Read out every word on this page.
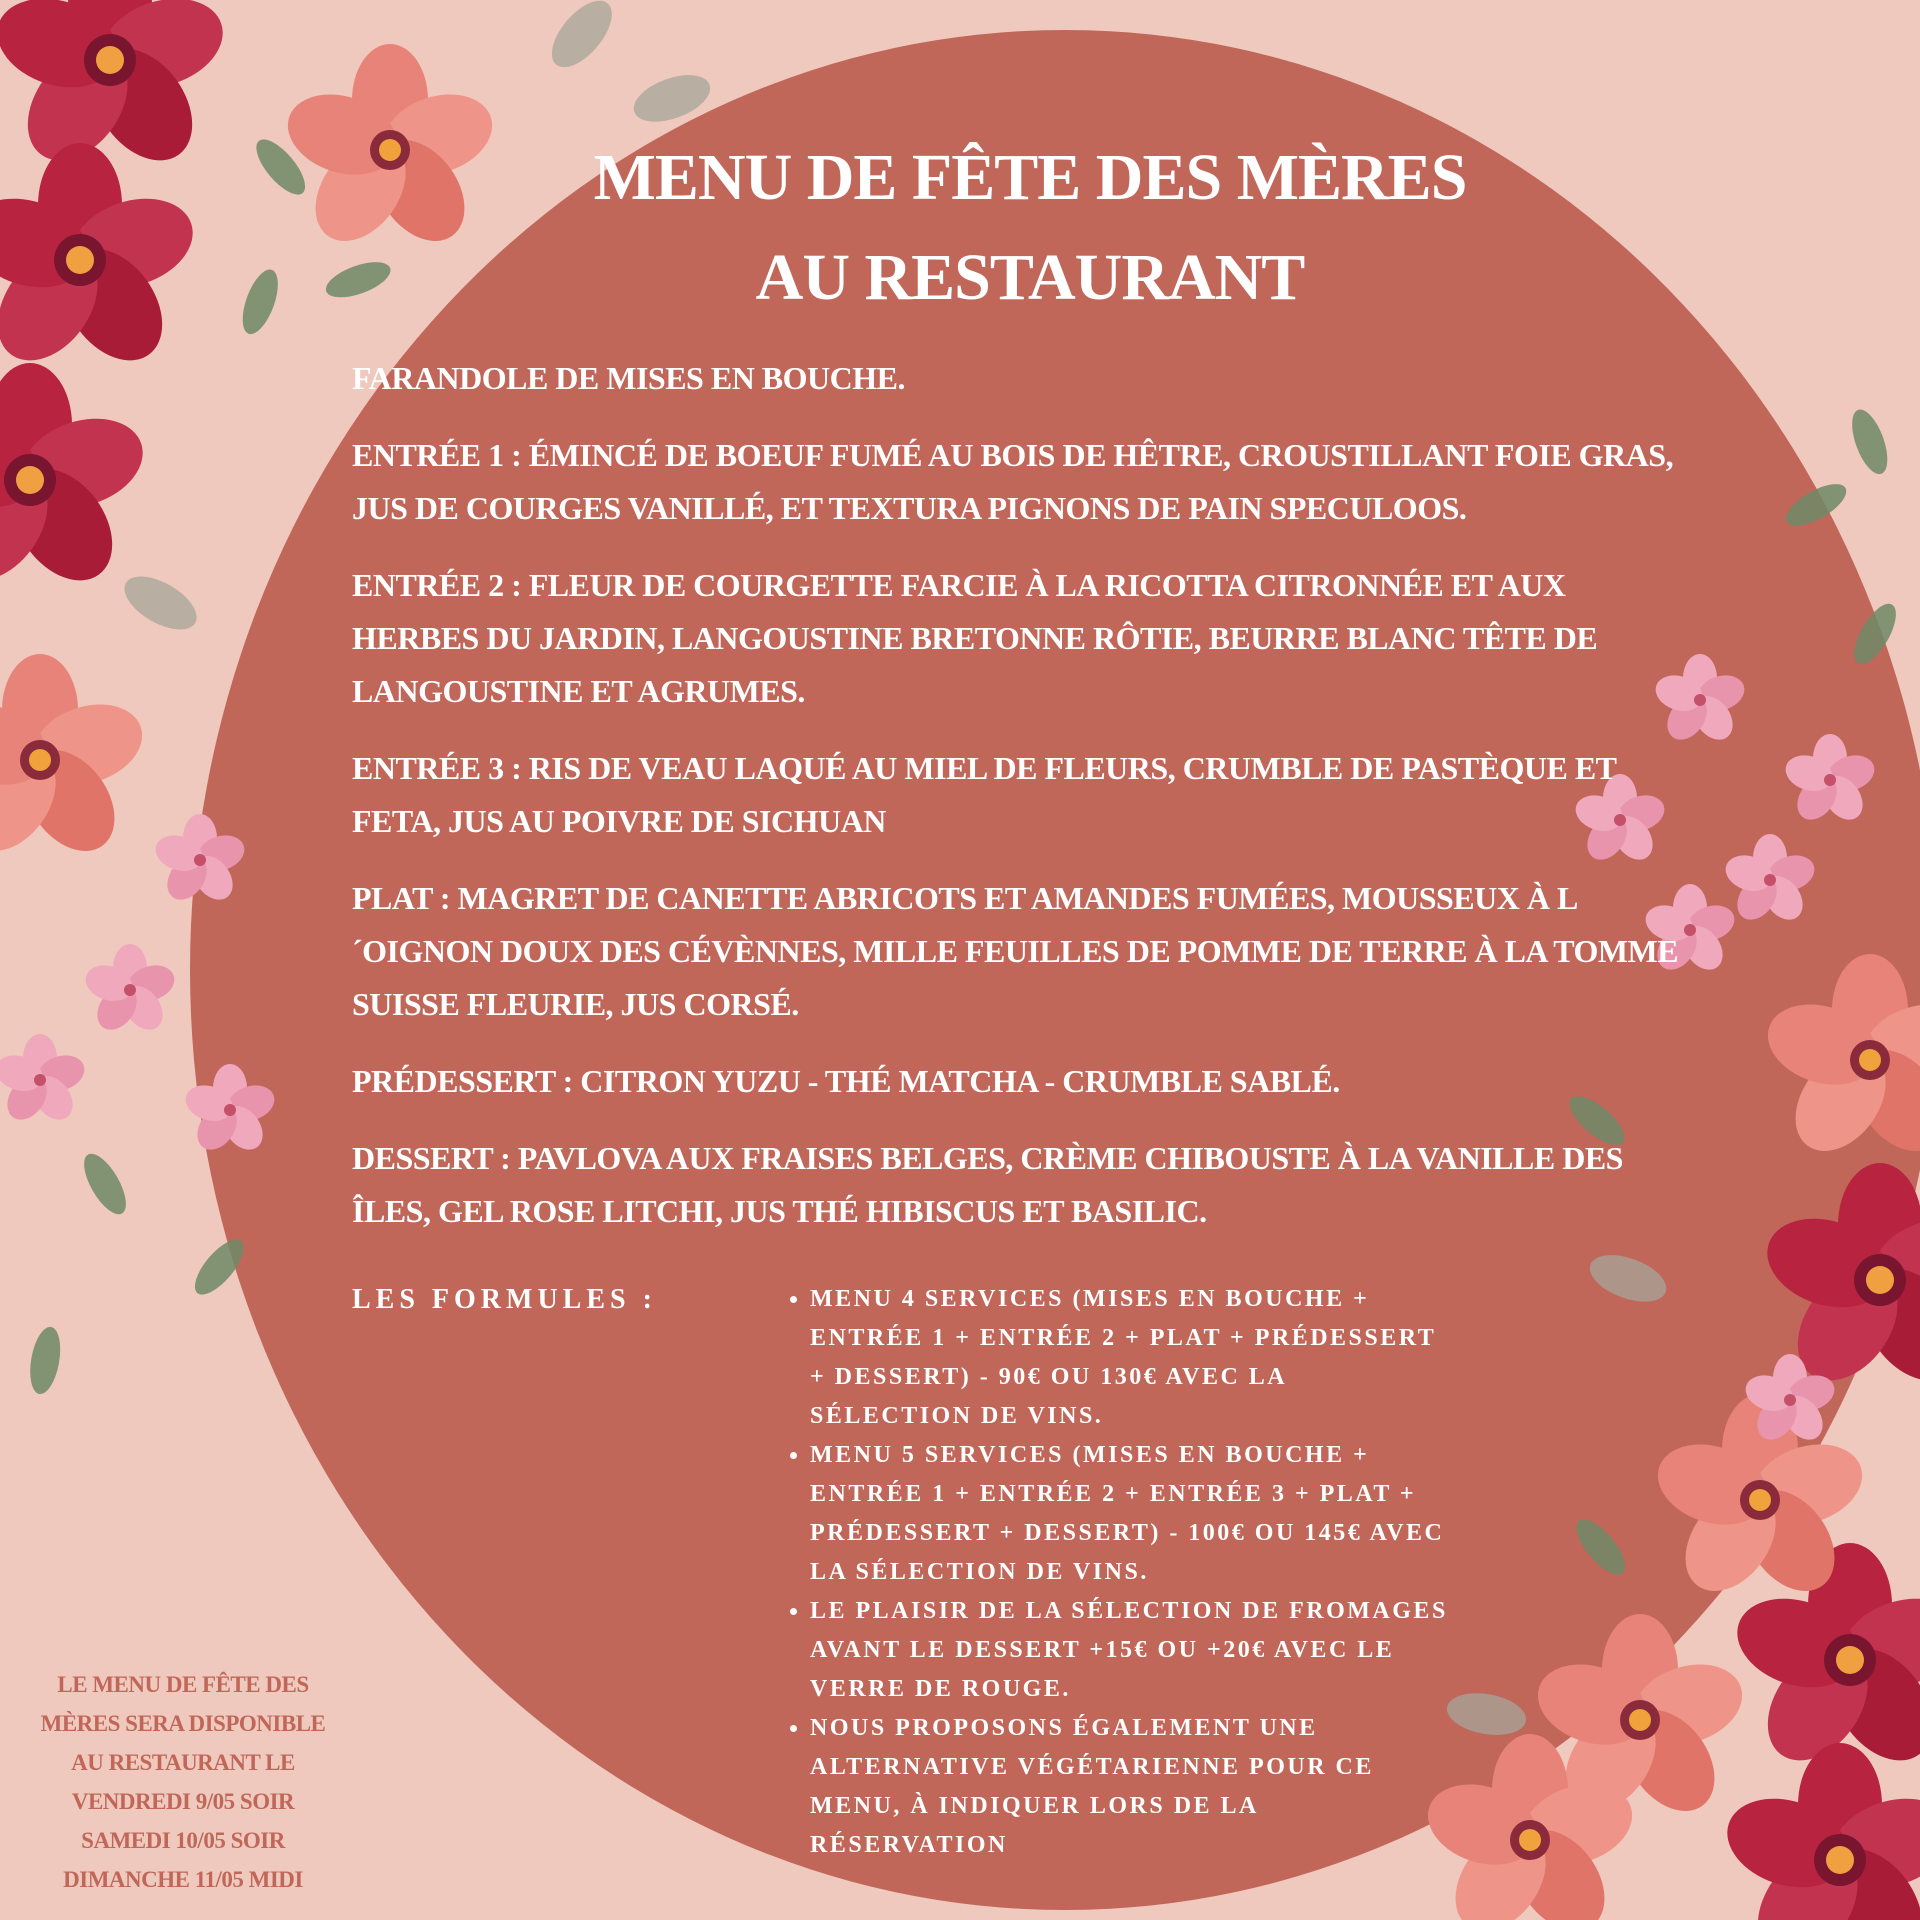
MENU DE FÊTE DES MÈRES
AU RESTAURANT

FARANDOLE DE MISES EN BOUCHE.

ENTRÉE 1 : ÉMINCÉ DE BOEUF FUMÉ AU BOIS DE HÊTRE, CROUSTILLANT FOIE GRAS, JUS DE COURGES VANILLÉ, ET TEXTURA PIGNONS DE PAIN SPECULOOS.

ENTRÉE 2 : FLEUR DE COURGETTE FARCIE À LA RICOTTA CITRONNÉE ET AUX HERBES DU JARDIN, LANGOUSTINE BRETONNE RÔTIE, BEURRE BLANC TÊTE DE LANGOUSTINE ET AGRUMES.

ENTRÉE 3 : RIS DE VEAU LAQUÉ AU MIEL DE FLEURS, CRUMBLE DE PASTÈQUE ET FETA, JUS AU POIVRE DE SICHUAN

PLAT : MAGRET DE CANETTE ABRICOTS ET AMANDES FUMÉES, MOUSSEUX À L´OIGNON DOUX DES CÉVÈNNES, MILLE FEUILLES DE POMME DE TERRE À LA TOMME SUISSE FLEURIE, JUS CORSÉ.

PRÉDESSERT : CITRON YUZU - THÉ MATCHA - CRUMBLE SABLÉ.

DESSERT : PAVLOVA AUX FRAISES BELGES, CRÈME CHIBOUSTE À LA VANILLE DES ÎLES, GEL ROSE LITCHI, JUS THÉ HIBISCUS ET BASILIC.

LES FORMULES :
•	MENU 4 SERVICES (MISES EN BOUCHE + ENTRÉE 1 + ENTRÉE 2 + PLAT + PRÉDESSERT + DESSERT) - 90€ OU 130€ AVEC LA SÉLECTION DE VINS.
• MENU 5 SERVICES (MISES EN BOUCHE + ENTRÉE 1 + ENTRÉE 2 + ENTRÉE 3 + PLAT + PRÉDESSERT + DESSERT) - 100€ OU 145€ AVEC LA SÉLECTION DE VINS.
• LE PLAISIR DE LA SÉLECTION DE FROMAGES AVANT LE DESSERT +15€ OU +20€ AVEC LE VERRE DE ROUGE.
• NOUS PROPOSONS ÉGALEMENT UNE ALTERNATIVE VÉGÉTARIENNE POUR CE MENU, À INDIQUER LORS DE LA RÉSERVATION
LE MENU DE FÊTE DES
MÈRES SERA DISPONIBLE
AU RESTAURANT LE
VENDREDI 9/05 SOIR
SAMEDI 10/05 SOIR
DIMANCHE 11/05 MIDI
